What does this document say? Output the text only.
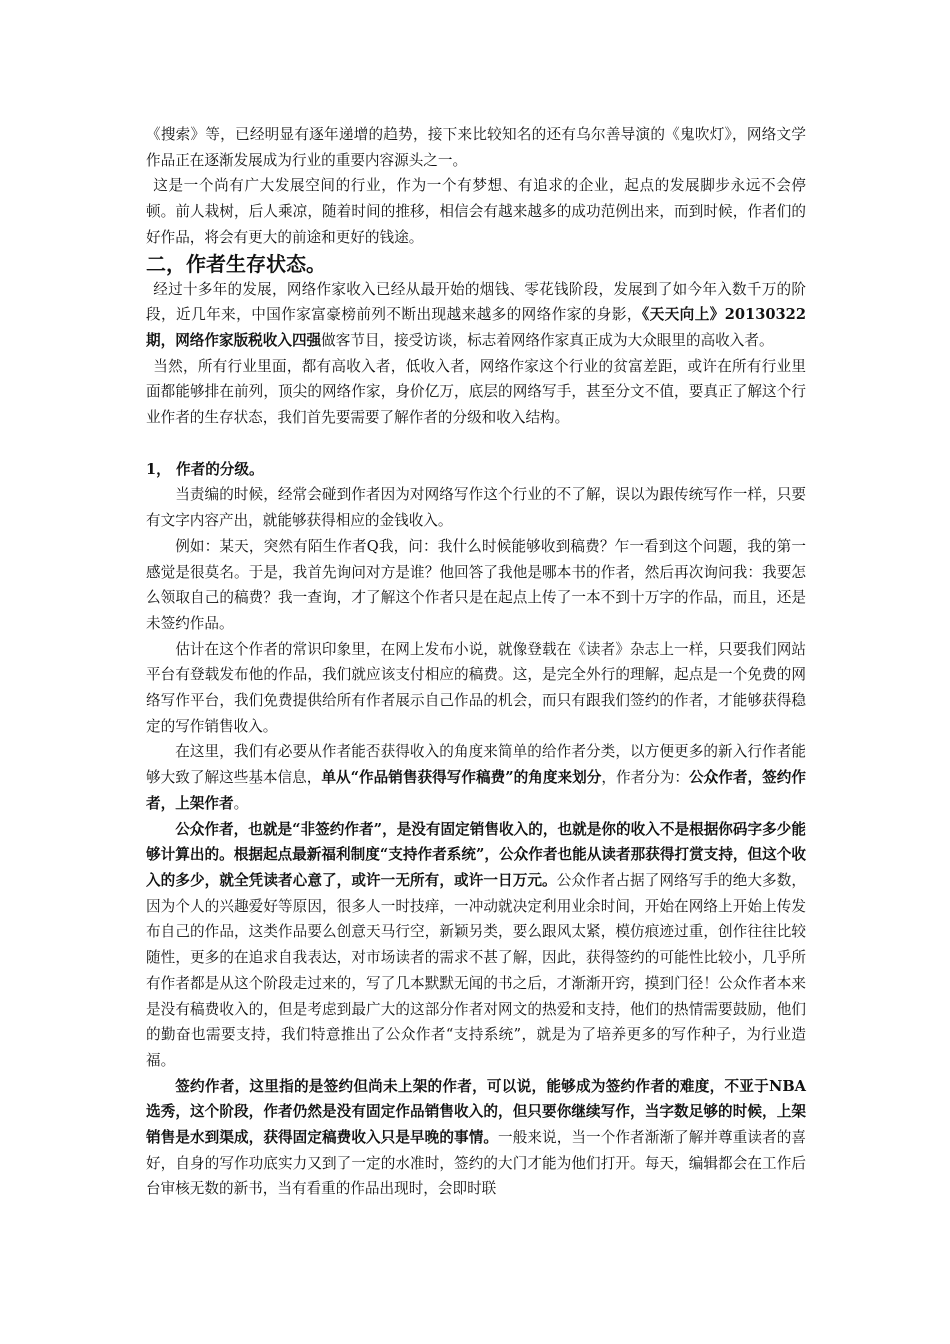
《搜索》等，已经明显有逐年递增的趋势，接下来比较知名的还有乌尔善导演的《鬼吹灯》，网络文学作品正在逐渐发展成为行业的重要内容源头之一。

这是一个尚有广大发展空间的行业，作为一个有梦想、有追求的企业，起点的发展脚步永远不会停顿。前人栽树，后人乘凉，随着时间的推移，相信会有越来越多的成功范例出来，而到时候，作者们的好作品，将会有更大的前途和更好的钱途。

二，作者生存状态。

经过十多年的发展，网络作家收入已经从最开始的烟钱、零花钱阶段，发展到了如今年入数千万的阶段，近几年来，中国作家富豪榜前列不断出现越来越多的网络作家的身影，《天天向上》20130322期，网络作家版税收入四强做客节目，接受访谈，标志着网络作家真正成为大众眼里的高收入者。

当然，所有行业里面，都有高收入者，低收入者，网络作家这个行业的贫富差距，或许在所有行业里面都能够排在前列，顶尖的网络作家，身价亿万，底层的网络写手，甚至分文不值，要真正了解这个行业作者的生存状态，我们首先要需要了解作者的分级和收入结构。

1， 作者的分级。

当责编的时候，经常会碰到作者因为对网络写作这个行业的不了解，误以为跟传统写作一样，只要有文字内容产出，就能够获得相应的金钱收入。

例如：某天，突然有陌生作者Q我，问：我什么时候能够收到稿费？乍一看到这个问题，我的第一感觉是很莫名。于是，我首先询问对方是谁？他回答了我他是哪本书的作者，然后再次询问我：我要怎么领取自己的稿费？我一查询，才了解这个作者只是在起点上传了一本不到十万字的作品，而且，还是未签约作品。

估计在这个作者的常识印象里，在网上发布小说，就像登载在《读者》杂志上一样，只要我们网站平台有登载发布他的作品，我们就应该支付相应的稿费。这，是完全外行的理解，起点是一个免费的网络写作平台，我们免费提供给所有作者展示自己作品的机会，而只有跟我们签约的作者，才能够获得稳定的写作销售收入。

在这里，我们有必要从作者能否获得收入的角度来简单的给作者分类，以方便更多的新入行作者能够大致了解这些基本信息，单从“作品销售获得写作稿费”的角度来划分，作者分为：公众作者，签约作者，上架作者。

公众作者，也就是“非签约作者”，是没有固定销售收入的，也就是你的收入不是根据你码字多少能够计算出的。根据起点最新福利制度“支持作者系统”，公众作者也能从读者那获得打赏支持，但这个收入的多少，就全凭读者心意了，或许一无所有，或许一日万元。公众作者占据了网络写手的绝大多数，因为个人的兴趣爱好等原因，很多人一时技痒，一冲动就决定利用业余时间，开始在网络上开始上传发布自己的作品，这类作品要么创意天马行空，新颖另类，要么跟风太紧，模仿痕迹过重，创作往往比较随性，更多的在追求自我表达，对市场读者的需求不甚了解，因此，获得签约的可能性比较小，几乎所有作者都是从这个阶段走过来的，写了几本默默无闻的书之后，才渐渐开窍，摸到门径！公众作者本来是没有稿费收入的，但是考虑到最广大的这部分作者对网文的热爱和支持，他们的热情需要鼓励，他们的勤奋也需要支持，我们特意推出了公众作者“支持系统”，就是为了培养更多的写作种子，为行业造福。

签约作者，这里指的是签约但尚未上架的作者，可以说，能够成为签约作者的难度，不亚于NBA选秀，这个阶段，作者仍然是没有固定作品销售收入的，但只要你继续写作，当字数足够的时候，上架销售是水到渠成，获得固定稿费收入只是早晚的事情。一般来说，当一个作者渐渐了解并尊重读者的喜好，自身的写作功底实力又到了一定的水准时，签约的大门才能为他们打开。每天，编辑都会在工作后台审核无数的新书，当有看重的作品出现时，会即时联
